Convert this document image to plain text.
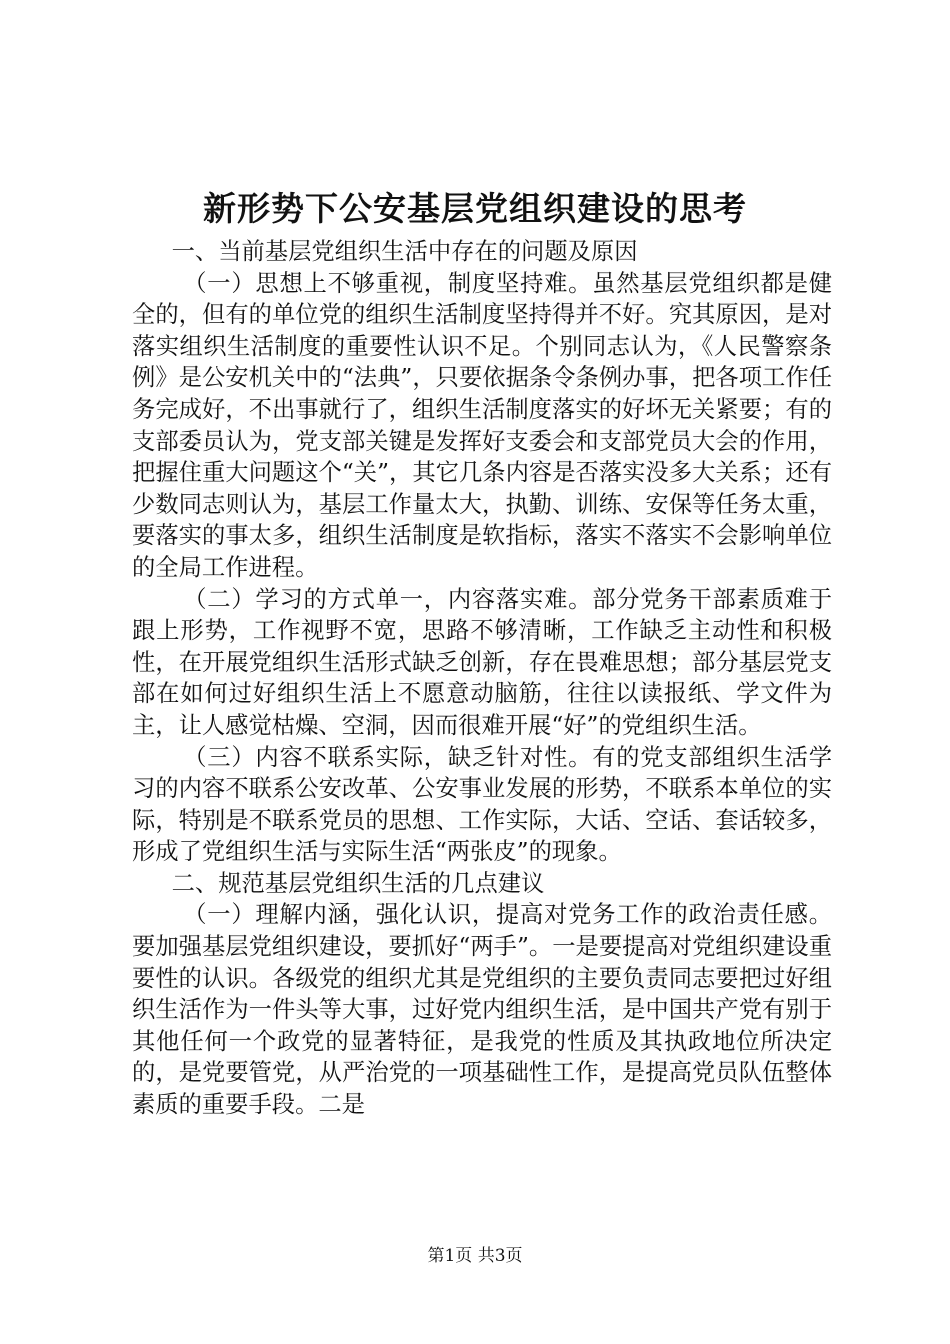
新形势下公安基层党组织建设的思考

一、当前基层党组织生活中存在的问题及原因

（一）思想上不够重视，制度坚持难。虽然基层党组织都是健全的，但有的单位党的组织生活制度坚持得并不好。究其原因，是对落实组织生活制度的重要性认识不足。个别同志认为，《人民警察条例》是公安机关中的“法典”，只要依据条令条例办事，把各项工作任务完成好，不出事就行了，组织生活制度落实的好坏无关紧要；有的支部委员认为，党支部关键是发挥好支委会和支部党员大会的作用，把握住重大问题这个“关”，其它几条内容是否落实没多大关系；还有少数同志则认为，基层工作量太大，执勤、训练、安保等任务太重，要落实的事太多，组织生活制度是软指标，落实不落实不会影响单位的全局工作进程。

（二）学习的方式单一，内容落实难。部分党务干部素质难于跟上形势，工作视野不宽，思路不够清晰，工作缺乏主动性和积极性，在开展党组织生活形式缺乏创新，存在畏难思想；部分基层党支部在如何过好组织生活上不愿意动脑筋，往往以读报纸、学文件为主，让人感觉枯燥、空洞，因而很难开展“好”的党组织生活。

（三）内容不联系实际，缺乏针对性。有的党支部组织生活学习的内容不联系公安改革、公安事业发展的形势，不联系本单位的实际，特别是不联系党员的思想、工作实际，大话、空话、套话较多，形成了党组织生活与实际生活“两张皮”的现象。

二、规范基层党组织生活的几点建议

（一）理解内涵，强化认识，提高对党务工作的政治责任感。要加强基层党组织建设，要抓好“两手”。一是要提高对党组织建设重要性的认识。各级党的组织尤其是党组织的主要负责同志要把过好组织生活作为一件头等大事，过好党内组织生活，是中国共产党有别于其他任何一个政党的显著特征，是我党的性质及其执政地位所决定的，是党要管党，从严治党的一项基础性工作，是提高党员队伍整体素质的重要手段。二是

第1页 共3页
